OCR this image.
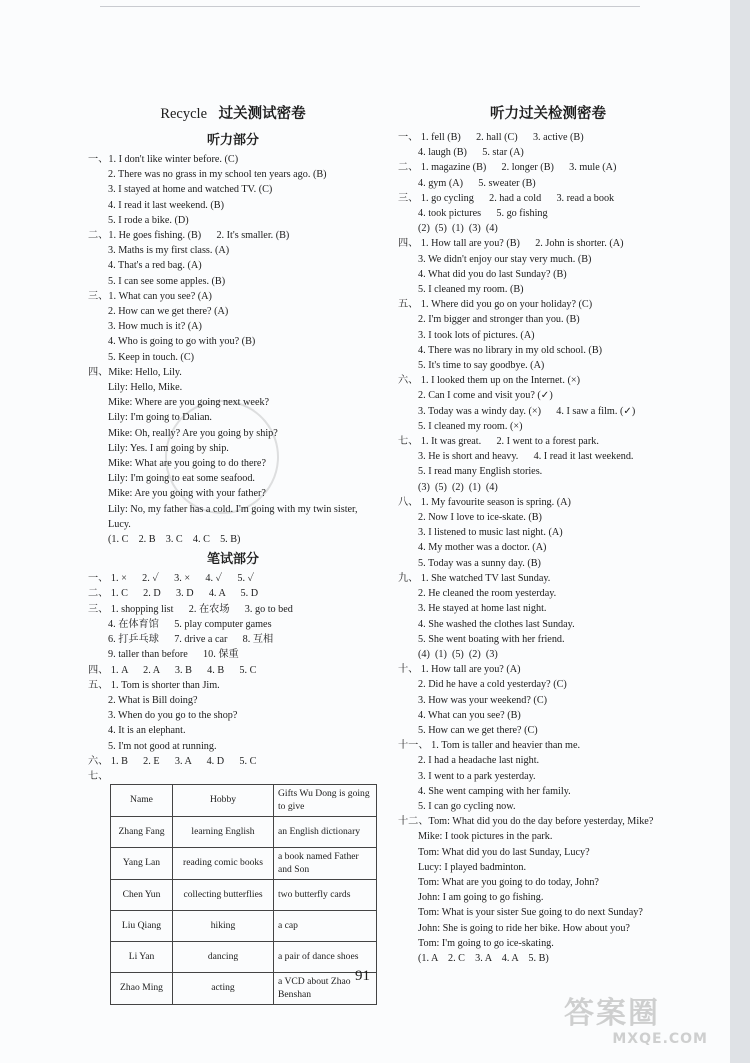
Recycle 过关测试密卷
听力部分
一、1. I don't like winter before. (C)
2. There was no grass in my school ten years ago. (B)
3. I stayed at home and watched TV. (C)
4. I read it last weekend. (B)
5. I rode a bike. (D)
二、1. He goes fishing. (B)      2. It's smaller. (B)
3. Maths is my first class. (A)
4. That's a red bag. (A)
5. I can see some apples. (B)
三、1. What can you see? (A)
2. How can we get there? (A)
3. How much is it? (A)
4. Who is going to go with you? (B)
5. Keep in touch. (C)
四、Mike: Hello, Lily.
Lily: Hello, Mike.
Mike: Where are you going next week?
Lily: I'm going to Dalian.
Mike: Oh, really? Are you going by ship?
Lily: Yes. I am going by ship.
Mike: What are you going to do there?
Lily: I'm going to eat some seafood.
Mike: Are you going with your father?
Lily: No, my father has a cold. I'm going with my twin sister,
Lucy.
(1. C    2. B    3. C    4. C    5. B)
笔试部分
一、 1. ×      2. ✓      3. ×      4. ✓      5. ✓
二、 1. C      2. D      3. D      4. A      5. D
三、 1. shopping list      2. 在农场      3. go to bed
4. 在体育馆      5. play computer games
6. 打乒乓球      7. drive a car      8. 互相
9. taller than before      10. 保重
四、 1. A      2. A      3. B      4. B      5. C
五、 1. Tom is shorter than Jim.
2. What is Bill doing?
3. When do you go to the shop?
4. It is an elephant.
5. I'm not good at running.
六、 1. B      2. E      3. A      4. D      5. C
七、
Name	Hobby	Gifts Wu Dong is going to give
Zhang Fang	learning English	an English dictionary
Yang Lan	reading comic books	a book named Father and Son
Chen Yun	collecting butterflies	two butterfly cards
Liu Qiang	hiking	a cap
Li Yan	dancing	a pair of dance shoes
Zhao Ming	acting	a VCD about Zhao Benshan
听力过关检测密卷
一、 1. fell (B)      2. hall (C)      3. active (B)
4. laugh (B)      5. star (A)
二、 1. magazine (B)      2. longer (B)      3. mule (A)
4. gym (A)      5. sweater (B)
三、 1. go cycling      2. had a cold      3. read a book
4. took pictures      5. go fishing
(2)  (5)  (1)  (3)  (4)
四、 1. How tall are you? (B)      2. John is shorter. (A)
3. We didn't enjoy our stay very much. (B)
4. What did you do last Sunday? (B)
5. I cleaned my room. (B)
五、 1. Where did you go on your holiday? (C)
2. I'm bigger and stronger than you. (B)
3. I took lots of pictures. (A)
4. There was no library in my old school. (B)
5. It's time to say goodbye. (A)
六、 1. I looked them up on the Internet. (×)
2. Can I come and visit you? (✓)
3. Today was a windy day. (×)      4. I saw a film. (✓)
5. I cleaned my room. (×)
七、 1. It was great.      2. I went to a forest park.
3. He is short and heavy.      4. I read it last weekend.
5. I read many English stories.
(3)  (5)  (2)  (1)  (4)
八、 1. My favourite season is spring. (A)
2. Now I love to ice-skate. (B)
3. I listened to music last night. (A)
4. My mother was a doctor. (A)
5. Today was a sunny day. (B)
九、 1. She watched TV last Sunday.
2. He cleaned the room yesterday.
3. He stayed at home last night.
4. She washed the clothes last Sunday.
5. She went boating with her friend.
(4)  (1)  (5)  (2)  (3)
十、 1. How tall are you? (A)
2. Did he have a cold yesterday? (C)
3. How was your weekend? (C)
4. What can you see? (B)
5. How can we get there? (C)
十一、 1. Tom is taller and heavier than me.
2. I had a headache last night.
3. I went to a park yesterday.
4. She went camping with her family.
5. I can go cycling now.
十二、Tom: What did you do the day before yesterday, Mike?
Mike: I took pictures in the park.
Tom: What did you do last Sunday, Lucy?
Lucy: I played badminton.
Tom: What are you going to do today, John?
John: I am going to go fishing.
Tom: What is your sister Sue going to do next Sunday?
John: She is going to ride her bike. How about you?
Tom: I'm going to go ice-skating.
(1. A    2. C    3. A    4. A    5. B)
91
答案圈
MXQE.COM
